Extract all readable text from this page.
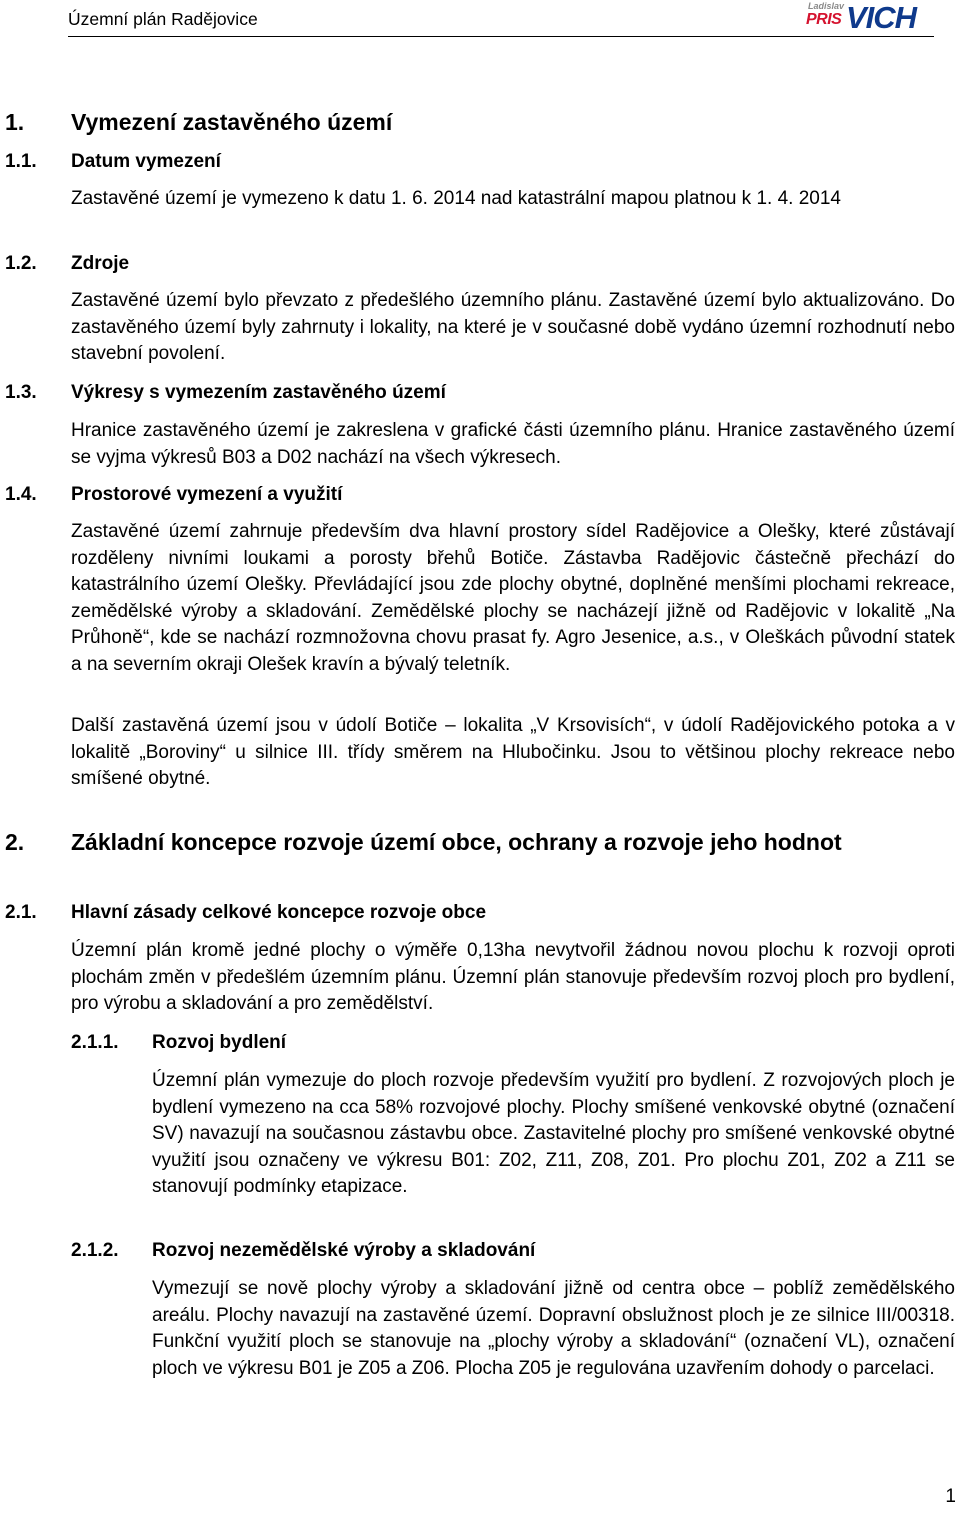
Územní plán Radějovice
Ladislav
PRIS VICH
1. Vymezení zastavěného území
1.1. Datum vymezení

Zastavěné území je vymezeno k datu 1. 6. 2014 nad katastrální mapou platnou k 1. 4. 2014

1.2. Zdroje

Zastavěné území bylo převzato z předešlého územního plánu. Zastavěné území bylo aktualizováno. Do zastavěného území byly zahrnuty i lokality, na které je v současné době vydáno územní rozhodnutí nebo stavební povolení.

1.3. Výkresy s vymezením zastavěného území

Hranice zastavěného území je zakreslena v grafické části územního plánu. Hranice zastavěného území se vyjma výkresů B03 a D02 nachází na všech výkresech.

1.4. Prostorové vymezení a využití

Zastavěné území zahrnuje především dva hlavní prostory sídel Radějovice a Olešky, které zůstávají rozděleny nivními loukami a porosty břehů Botiče. Zástavba Radějovic částečně přechází do katastrálního území Olešky. Převládající jsou zde plochy obytné, doplněné menšími plochami rekreace, zemědělské výroby a skladování. Zemědělské plochy se nacházejí jižně od Radějovic v lokalitě „Na Průhoně“, kde se nachází rozmnožovna chovu prasat fy. Agro Jesenice, a.s., v Oleškách původní statek a na severním okraji Olešek kravín a bývalý teletník.

Další zastavěná území jsou v údolí Botiče – lokalita „V Krsovisích“, v údolí Radějovického potoka a v lokalitě „Boroviny“ u silnice III. třídy směrem na Hlubočinku. Jsou to většinou plochy rekreace nebo smíšené obytné.

2. Základní koncepce rozvoje území obce, ochrany a rozvoje jeho hodnot
2.1. Hlavní zásady celkové koncepce rozvoje obce

Územní plán kromě jedné plochy o výměře 0,13ha nevytvořil žádnou novou plochu k rozvoji oproti plochám změn v předešlém územním plánu. Územní plán stanovuje především rozvoj ploch pro bydlení, pro výrobu a skladování a pro zemědělství.

2.1.1. Rozvoj bydlení

Územní plán vymezuje do ploch rozvoje především využití pro bydlení. Z rozvojových ploch je bydlení vymezeno na cca 58% rozvojové plochy. Plochy smíšené venkovské obytné (označení SV) navazují na současnou zástavbu obce. Zastavitelné plochy pro smíšené venkovské obytné využití jsou označeny ve výkresu B01: Z02, Z11, Z08, Z01. Pro plochu Z01, Z02 a Z11 se stanovují podmínky etapizace.

2.1.2. Rozvoj nezemědělské výroby a skladování

Vymezují se nově plochy výroby a skladování jižně od centra obce – poblíž zemědělského areálu. Plochy navazují na zastavěné území. Dopravní obslužnost ploch je ze silnice III/00318. Funkční využití ploch se stanovuje na „plochy výroby a skladování“ (označení VL), označení ploch ve výkresu B01 je Z05 a Z06. Plocha Z05 je regulována uzavřením dohody o parcelaci.

1
